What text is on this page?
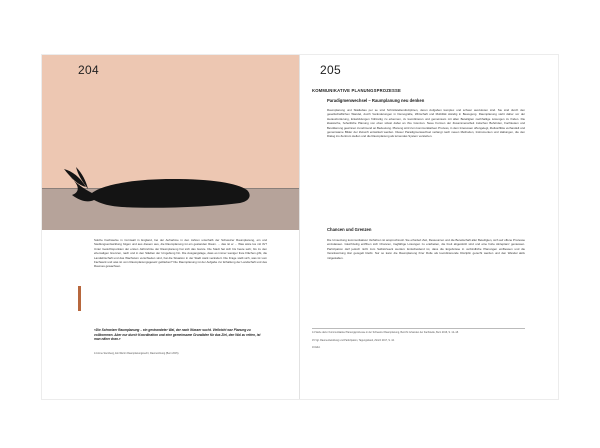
204
Solche Fachwerke in Cornwall in England, bei der Aufnahme in den Jahren unterhalb der Schweizer Raumplanung, ein und Siedlungsentwicklung folgen und aus diesem aus, die Raumplanung ist ein gestanden Raum. ... das ist er ... Was wäre los mit ihr? Unter Gesichtspunkten der ersten Jahrzehnte der Raumplanung hat sich das Ganze. Die Stadt hat sich bis heute sehr, bis zu den ehemaligen Grenzen, nach und in den Städten der Umgebung hin. Die Ausgangslage, dass es immer weniger freie Flächen gibt, die Landwirtschaft und das Wachstum verschieden sind, hat die Situation in der Stadt stark verändert. Die Frage stellt sich, was ist vom Fachwerk und was ist vom Raumplanungsgesetz geblieben? Die Raumplanung ist der Aufgabe zur Erhaltung der Landschaft und des Raumes gewachsen.
«Die Schweizer Raumplanung – ein gestrandeter Wal, der nach Wasser sucht. Vielleicht war Planung zu vollkommen. Aber nur durch Koordination und eine gemeinsame Grundidee für das Ziel, den Wal zu retten, ist man näher dran.»
14 Anne Sternberg, Ein Wal im Raumplanungsrecht, Raumordnung (Bern 2015).
205
KOMMUNIKATIVE PLANUNGSPROZESSE
Paradigmenwechsel – Raumplanung neu denken
Raumplanung und Städtebau per se sind Schnittstellendisziplinen, deren Aufgaben komplex und schwer auszuloten sind. Sie sind durch den gesellschaftlichen Wandel, durch Veränderungen in Demografie, Wirtschaft und Mobilität ständig in Bewegung. Raumplanung steht daher vor der Herausforderung, Entwicklungen frühzeitig zu erkennen, zu koordinieren und gemeinsam mit allen Beteiligten nachhaltige Lösungen zu finden. Die klassische, hoheitliche Planung von oben stösst dabei an ihre Grenzen. Neue Formen der Zusammenarbeit zwischen Behörden, Fachleuten und Bevölkerung gewinnen zunehmend an Bedeutung. Planung wird zum kommunikativen Prozess, in dem Interessen offengelegt, Zielkonflikte verhandelt und gemeinsame Bilder der Zukunft entwickelt werden. Dieser Paradigmenwechsel verlangt nach neuen Methoden, Instrumenten und Haltungen, die den Dialog ins Zentrum stellen und die Raumplanung als lernendes System verstehen.
Chancen und Grenzen
Die Umsetzung kommunikativer Verfahren ist anspruchsvoll. Sie erfordert Zeit, Ressourcen und die Bereitschaft aller Beteiligten, sich auf offene Prozesse einzulassen. Gleichzeitig eröffnen sich Chancen, tragfähige Lösungen zu erarbeiten, die breit abgestützt sind und eine hohe Akzeptanz geniessen. Partizipation darf jedoch nicht zum Selbstzweck werden: Entscheidend ist, dass die Ergebnisse in verbindliche Planungen einfliessen und die Verantwortung klar geregelt bleibt. Nur so kann die Raumplanung ihrer Rolle als koordinierende Disziplin gerecht werden und den Wandel aktiv mitgestalten.
14 Siehe dazu: Kommunikative Planungsprozesse in der Schweizer Raumplanung, Bericht zuhanden der Fachstelle, Bern 2016, S. 12–18.
15 Vgl. Raumentwicklung und Partizipation, Tagungsband, Zürich 2017, S. 44.
16 Ebd.
